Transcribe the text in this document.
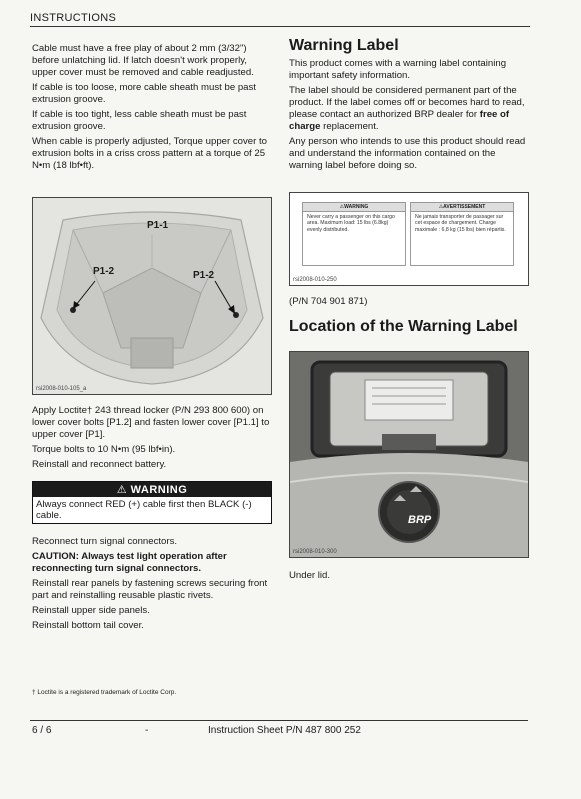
INSTRUCTIONS

Cable must have a free play of about 2 mm (3/32") before unlatching lid. If latch doesn't work properly, upper cover must be removed and cable readjusted.

If cable is too loose, more cable sheath must be past extrusion groove.

If cable is too tight, less cable sheath must be past extrusion groove.

When cable is properly adjusted, Torque upper cover to extrusion bolts in a criss cross pattern at a torque of 25 N•m (18 lbf•ft).

P1-1
P1-2	P1-2
rsi2008-010-105_a

Apply Loctite† 243 thread locker (P/N 293 800 600) on lower cover bolts [P1.2] and fasten lower cover [P1.1] to upper cover [P1].

Torque bolts to 10 N•m (95 lbf•in).

Reinstall and reconnect battery.

⚠ WARNING
Always connect RED (+) cable first then BLACK (-) cable.

Reconnect turn signal connectors.

CAUTION: Always test light operation after reconnecting turn signal connectors.

Reinstall rear panels by fastening screws securing front part and reinstalling reusable plastic rivets.

Reinstall upper side panels.

Reinstall bottom tail cover.

† Loctite is a registered trademark of Loctite Corp.
Warning Label

This product comes with a warning label containing important safety information.

The label should be considered permanent part of the product. If the label comes off or becomes hard to read, please contact an authorized BRP dealer for free of charge replacement.

Any person who intends to use this product should read and understand the information contained on the warning label before doing so.

⚠WARNING
Never carry a passenger on this cargo area. Maximum load: 15 lbs (6.8kg) evenly distributed.
⚠AVERTISSEMENT
Ne jamais transporter de passager sur cet espace de chargement. Charge maximale : 6,8 kg (15 lbs) bien répartis.
rsi2008-010-250
(P/N 704 901 871)
Location of the Warning Label
BRP
rsi2008-010-300
Under lid.
6 / 6	-	Instruction Sheet P/N 487 800 252
